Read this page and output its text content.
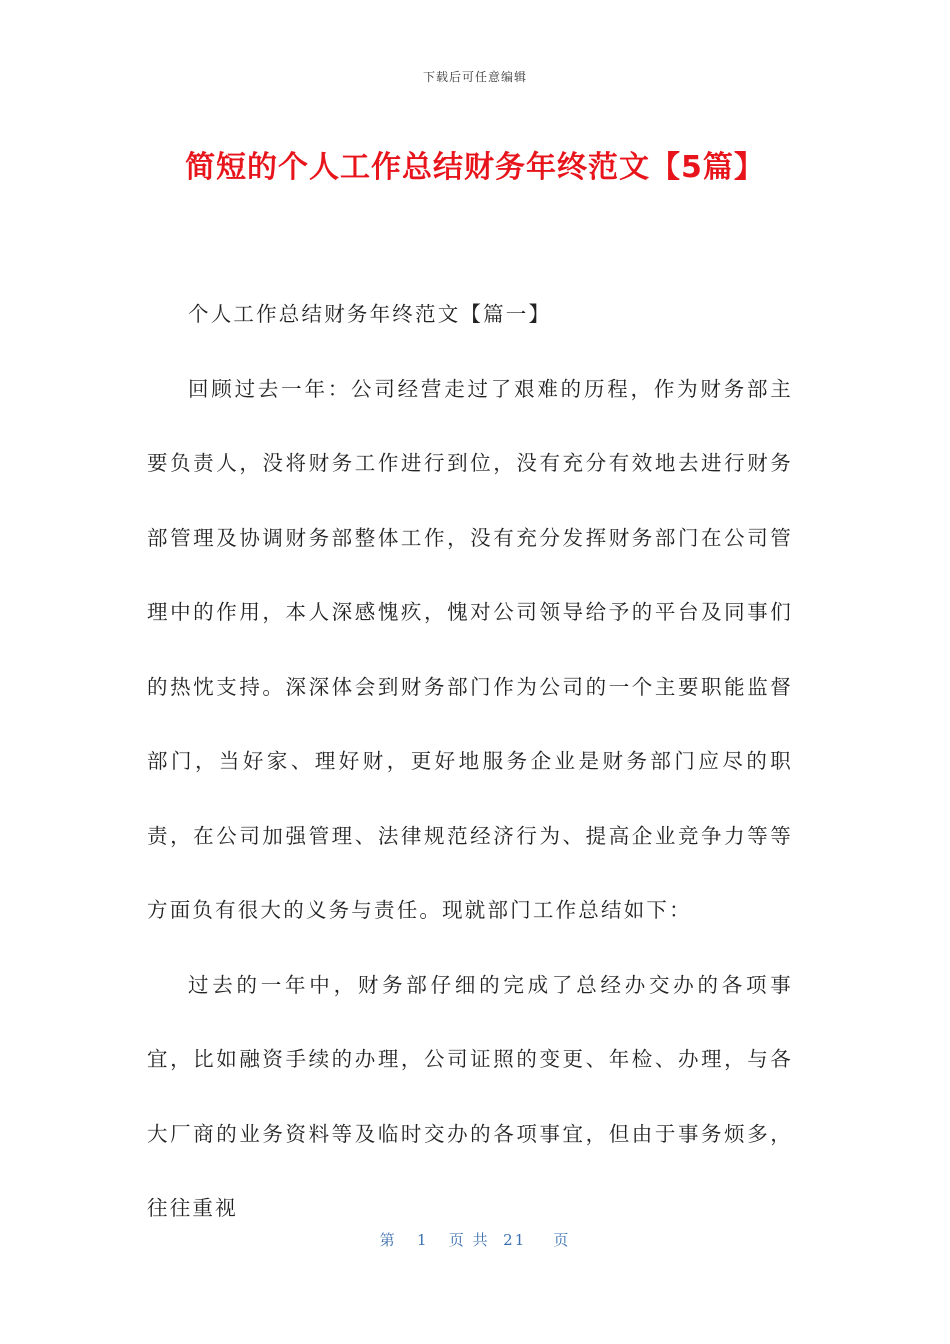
下载后可任意编辑
简短的个人工作总结财务年终范文【5篇】

个人工作总结财务年终范文【篇一】

回顾过去一年：公司经营走过了艰难的历程，作为财务部主要负责人，没将财务工作进行到位，没有充分有效地去进行财务部管理及协调财务部整体工作，没有充分发挥财务部门在公司管理中的作用，本人深感愧疚，愧对公司领导给予的平台及同事们的热忱支持。深深体会到财务部门作为公司的一个主要职能监督部门，当好家、理好财，更好地服务企业是财务部门应尽的职责，在公司加强管理、法律规范经济行为、提高企业竞争力等等方面负有很大的义务与责任。现就部门工作总结如下：

过去的一年中，财务部仔细的完成了总经办交办的各项事宜，比如融资手续的办理，公司证照的变更、年检、办理，与各大厂商的业务资料等及临时交办的各项事宜，但由于事务烦多，往往重视

第 1 页 共 21 页
